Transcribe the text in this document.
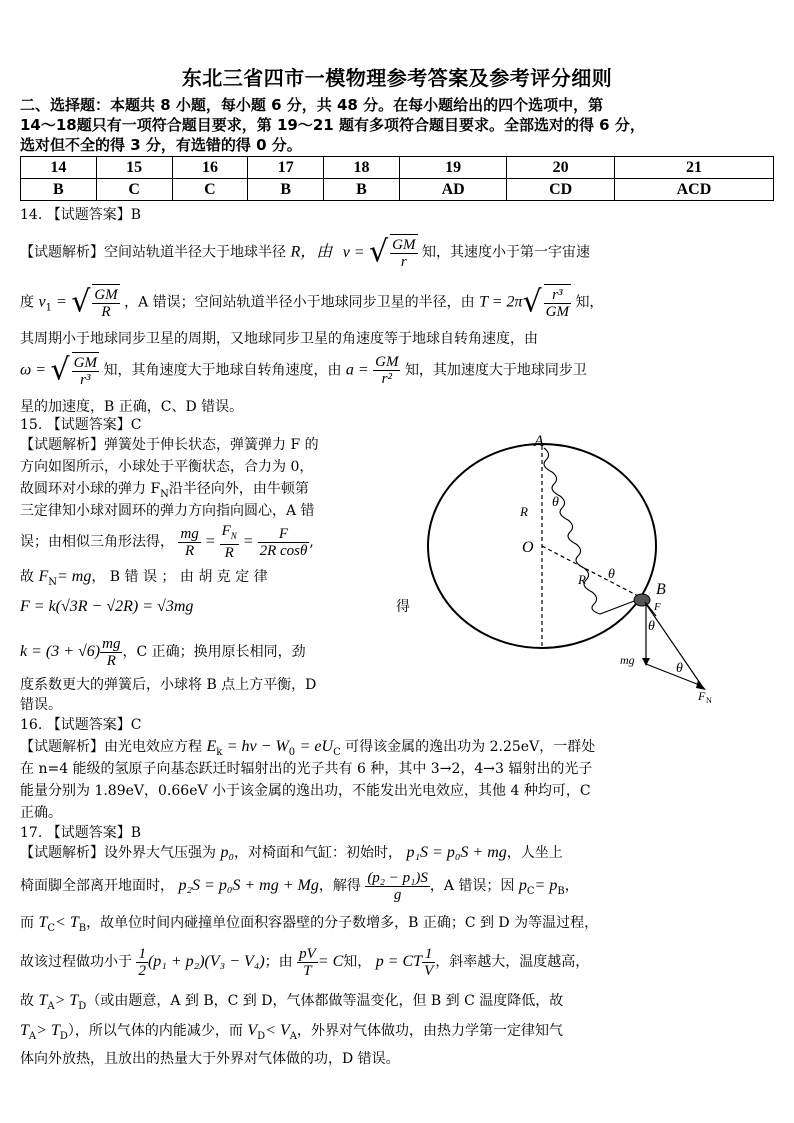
东北三省四市一模物理参考答案及参考评分细则
二、选择题：本题共 8 小题，每小题 6 分，共 48 分。在每小题给出的四个选项中，第
14～18题只有一项符合题目要求，第 19～21 题有多项符合题目要求。全部选对的得 6 分，
选对但不全的得 3 分，有选错的得 0 分。
14	15	16	17	18	19	20	21
B	C	C	B	B	AD	CD	ACD
14. 【试题答案】B
【试题解析】空间站轨道半径大于地球半径 R，由 v = √ $\frac{GM}{r}$ 知，其速度小于第一宇宙速
度 $v_1$ = √ $\frac{GM}{R}$ ，A 错误；空间站轨道半径小于地球同步卫星的半径，由 $T = 2\pi√ \frac{\text{r³}}{GM}$ 知，
其周期小于地球同步卫星的周期，又地球同步卫星的角速度等于地球自转角速度，由
ω = √ $\frac{GM}{\text{r³}}$ 知，其角速度大于地球自转角速度，由 $a = \frac{GM}{\text{r²}}$ 知，其加速度大于地球同步卫
星的加速度，B 正确，C、D 错误。
15. 【试题答案】C
【试题解析】弹簧处于伸长状态，弹簧弹力 F 的
方向如图所示，小球处于平衡状态，合力为 0，
故圆环对小球的弹力 $F_N$沿半径向外，由牛顿第
三定律知小球对圆环的弹力方向指向圆心，A 错
误；由相似三角形法得， $\frac{mg}{R} = \frac{F_N}{R} = \frac{F}{\text{2R cosθ}}$ ,
故 $F_N=$ mg， B 错 误 ； 由 胡 克 定 律
F = k(√3R − √2R) = √3mg	得
$k = (3 + √6) \frac{mg}{R}$ ，C 正确；换用原长相同，劲
度系数更大的弹簧后，小球将 B 点上方平衡，D
错误。
A
O
B
R
R
θ
θ
θ
θ
F
mg
F N
16. 【试题答案】C
【试题解析】由光电效应方程 $E_k = h\nu - W_0 = eU_C$ 可得该金属的逸出功为 2.25eV，一群处
在 n=4 能级的氢原子向基态跃迁时辐射出的光子共有 6 种，其中 3→2，4→3 辐射出的光子
能量分别为 1.89eV，0.66eV 小于该金属的逸出功，不能发出光电效应，其他 4 种均可，C
正确。
17. 【试题答案】B
【试题解析】设外界大气压强为 p₀，对椅面和气缸：初始时， p₁S = p₀S + mg，人坐上
椅面脚全部离开地面时， p₂S = p₀S + mg + Mg，解得 $\frac{\text{(p₂ − p₁)S}}{g}$ ，A 错误；因 $p_C= p_B$，
而 $T_C< T_B$，故单位时间内碰撞单位面积容器壁的分子数增多，B 正确；C 到 D 为等温过程，
故该过程做功小于 $\frac{1}{2} (p_1 + p_2)(V_3 - V_4)$；由 $\frac{pV}{T} = C$知， p = CT $\frac{1}{V}$ ，斜率越大，温度越高，
故 $T_A> T_D$（或由题意，A 到 B，C 到 D，气体都做等温变化，但 B 到 C 温度降低，故
$T_A> T_D$），所以气体的内能减少，而 $V_D< V_A$，外界对气体做功，由热力学第一定律知气
体向外放热，且放出的热量大于外界对气体做的功，D 错误。
